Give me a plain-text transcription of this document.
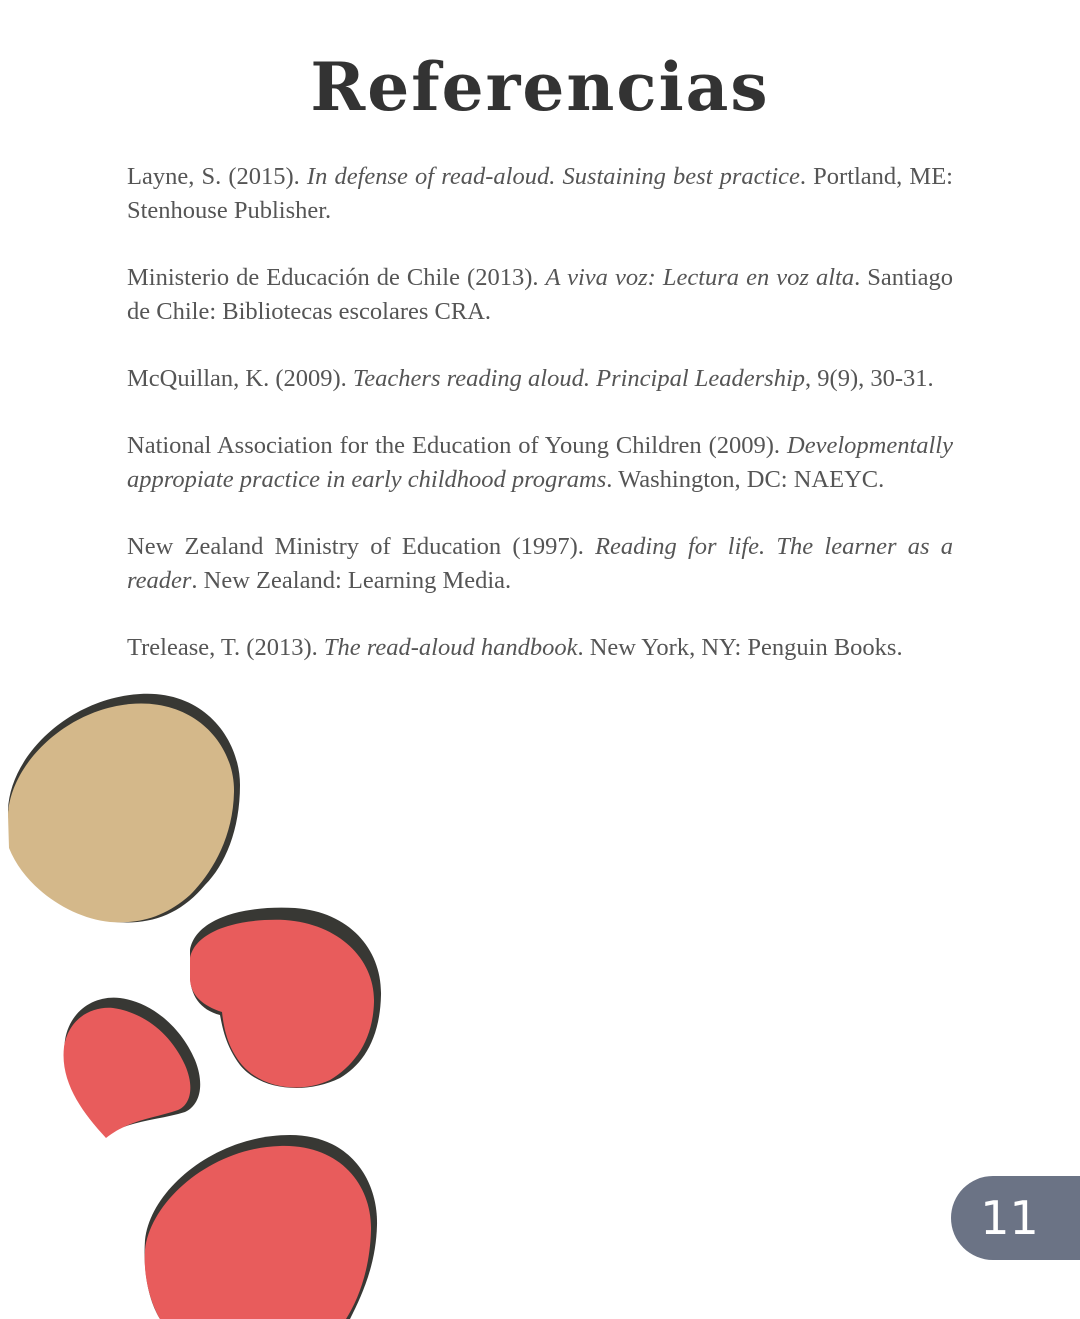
Referencias

Layne, S. (2015). In defense of read-aloud. Sustaining best practice. Portland, ME: Stenhouse Publisher.

Ministerio de Educación de Chile (2013). A viva voz: Lectura en voz alta. Santiago de Chile: Bibliotecas escolares CRA.

McQuillan, K. (2009). Teachers reading aloud. Principal Leadership, 9(9), 30-31.

National Association for the Education of Young Children (2009). Developmentally appropiate practice in early childhood programs. Washington, DC: NAEYC.

New Zealand Ministry of Education (1997). Reading for life. The learner as a reader. New Zealand: Learning Media.

Trelease, T. (2013). The read-aloud handbook. New York, NY: Penguin Books.

11
